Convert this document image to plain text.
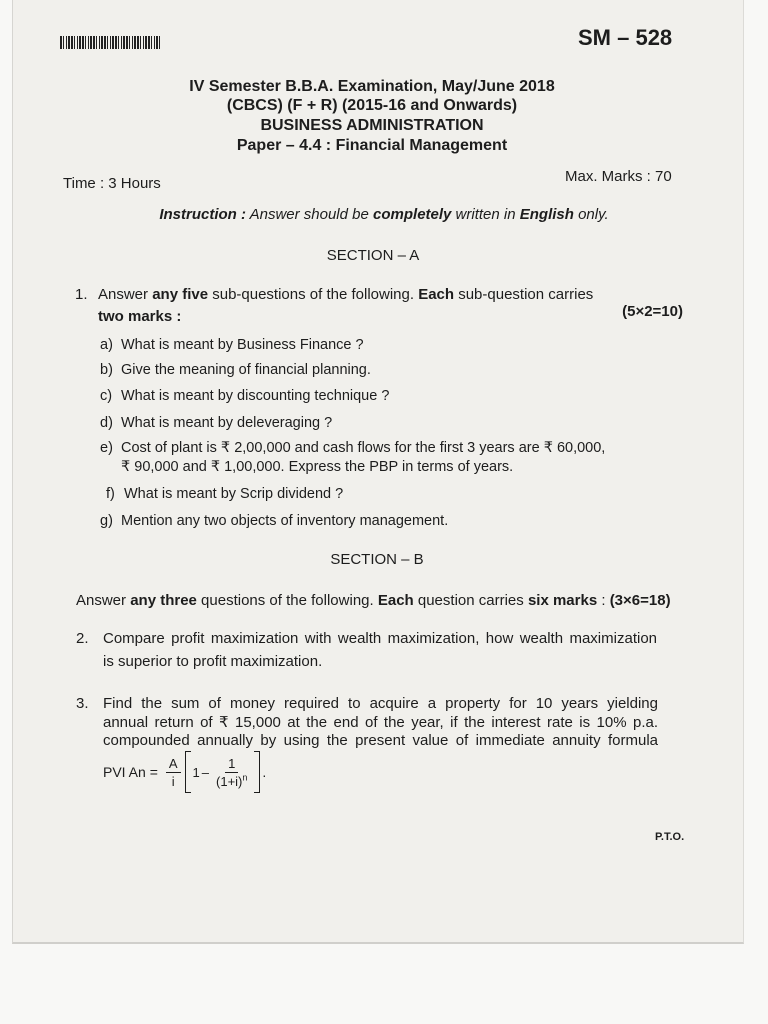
SM – 528
IV Semester B.B.A. Examination, May/June 2018
(CBCS) (F + R) (2015-16 and Onwards)
BUSINESS ADMINISTRATION
Paper – 4.4 : Financial Management
Time : 3 Hours	Max. Marks : 70
Instruction : Answer should be completely written in English only.
SECTION – A
1. Answer any five sub-questions of the following. Each sub-question carries
two marks :	(5×2=10)
a) What is meant by Business Finance ?
b) Give the meaning of financial planning.
c) What is meant by discounting technique ?
d) What is meant by deleveraging ?
e) Cost of plant is ₹ 2,00,000 and cash flows for the first 3 years are ₹ 60,000,
₹ 90,000 and ₹ 1,00,000. Express the PBP in terms of years.
f) What is meant by Scrip dividend ?
g) Mention any two objects of inventory management.
SECTION – B
Answer any three questions of the following. Each question carries six marks : (3×6=18)
2. Compare profit maximization with wealth maximization, how wealth maximization
is superior to profit maximization.
3. Find the sum of money required to acquire a property for 10 years yielding
annual return of ₹ 15,000 at the end of the year, if the interest rate is 10% p.a.
compounded annually by using the present value of immediate annuity formula
PVI $An = \frac{A}{i} 1 - \frac{1}{(1+i)^n}$ .
P.T.O.
